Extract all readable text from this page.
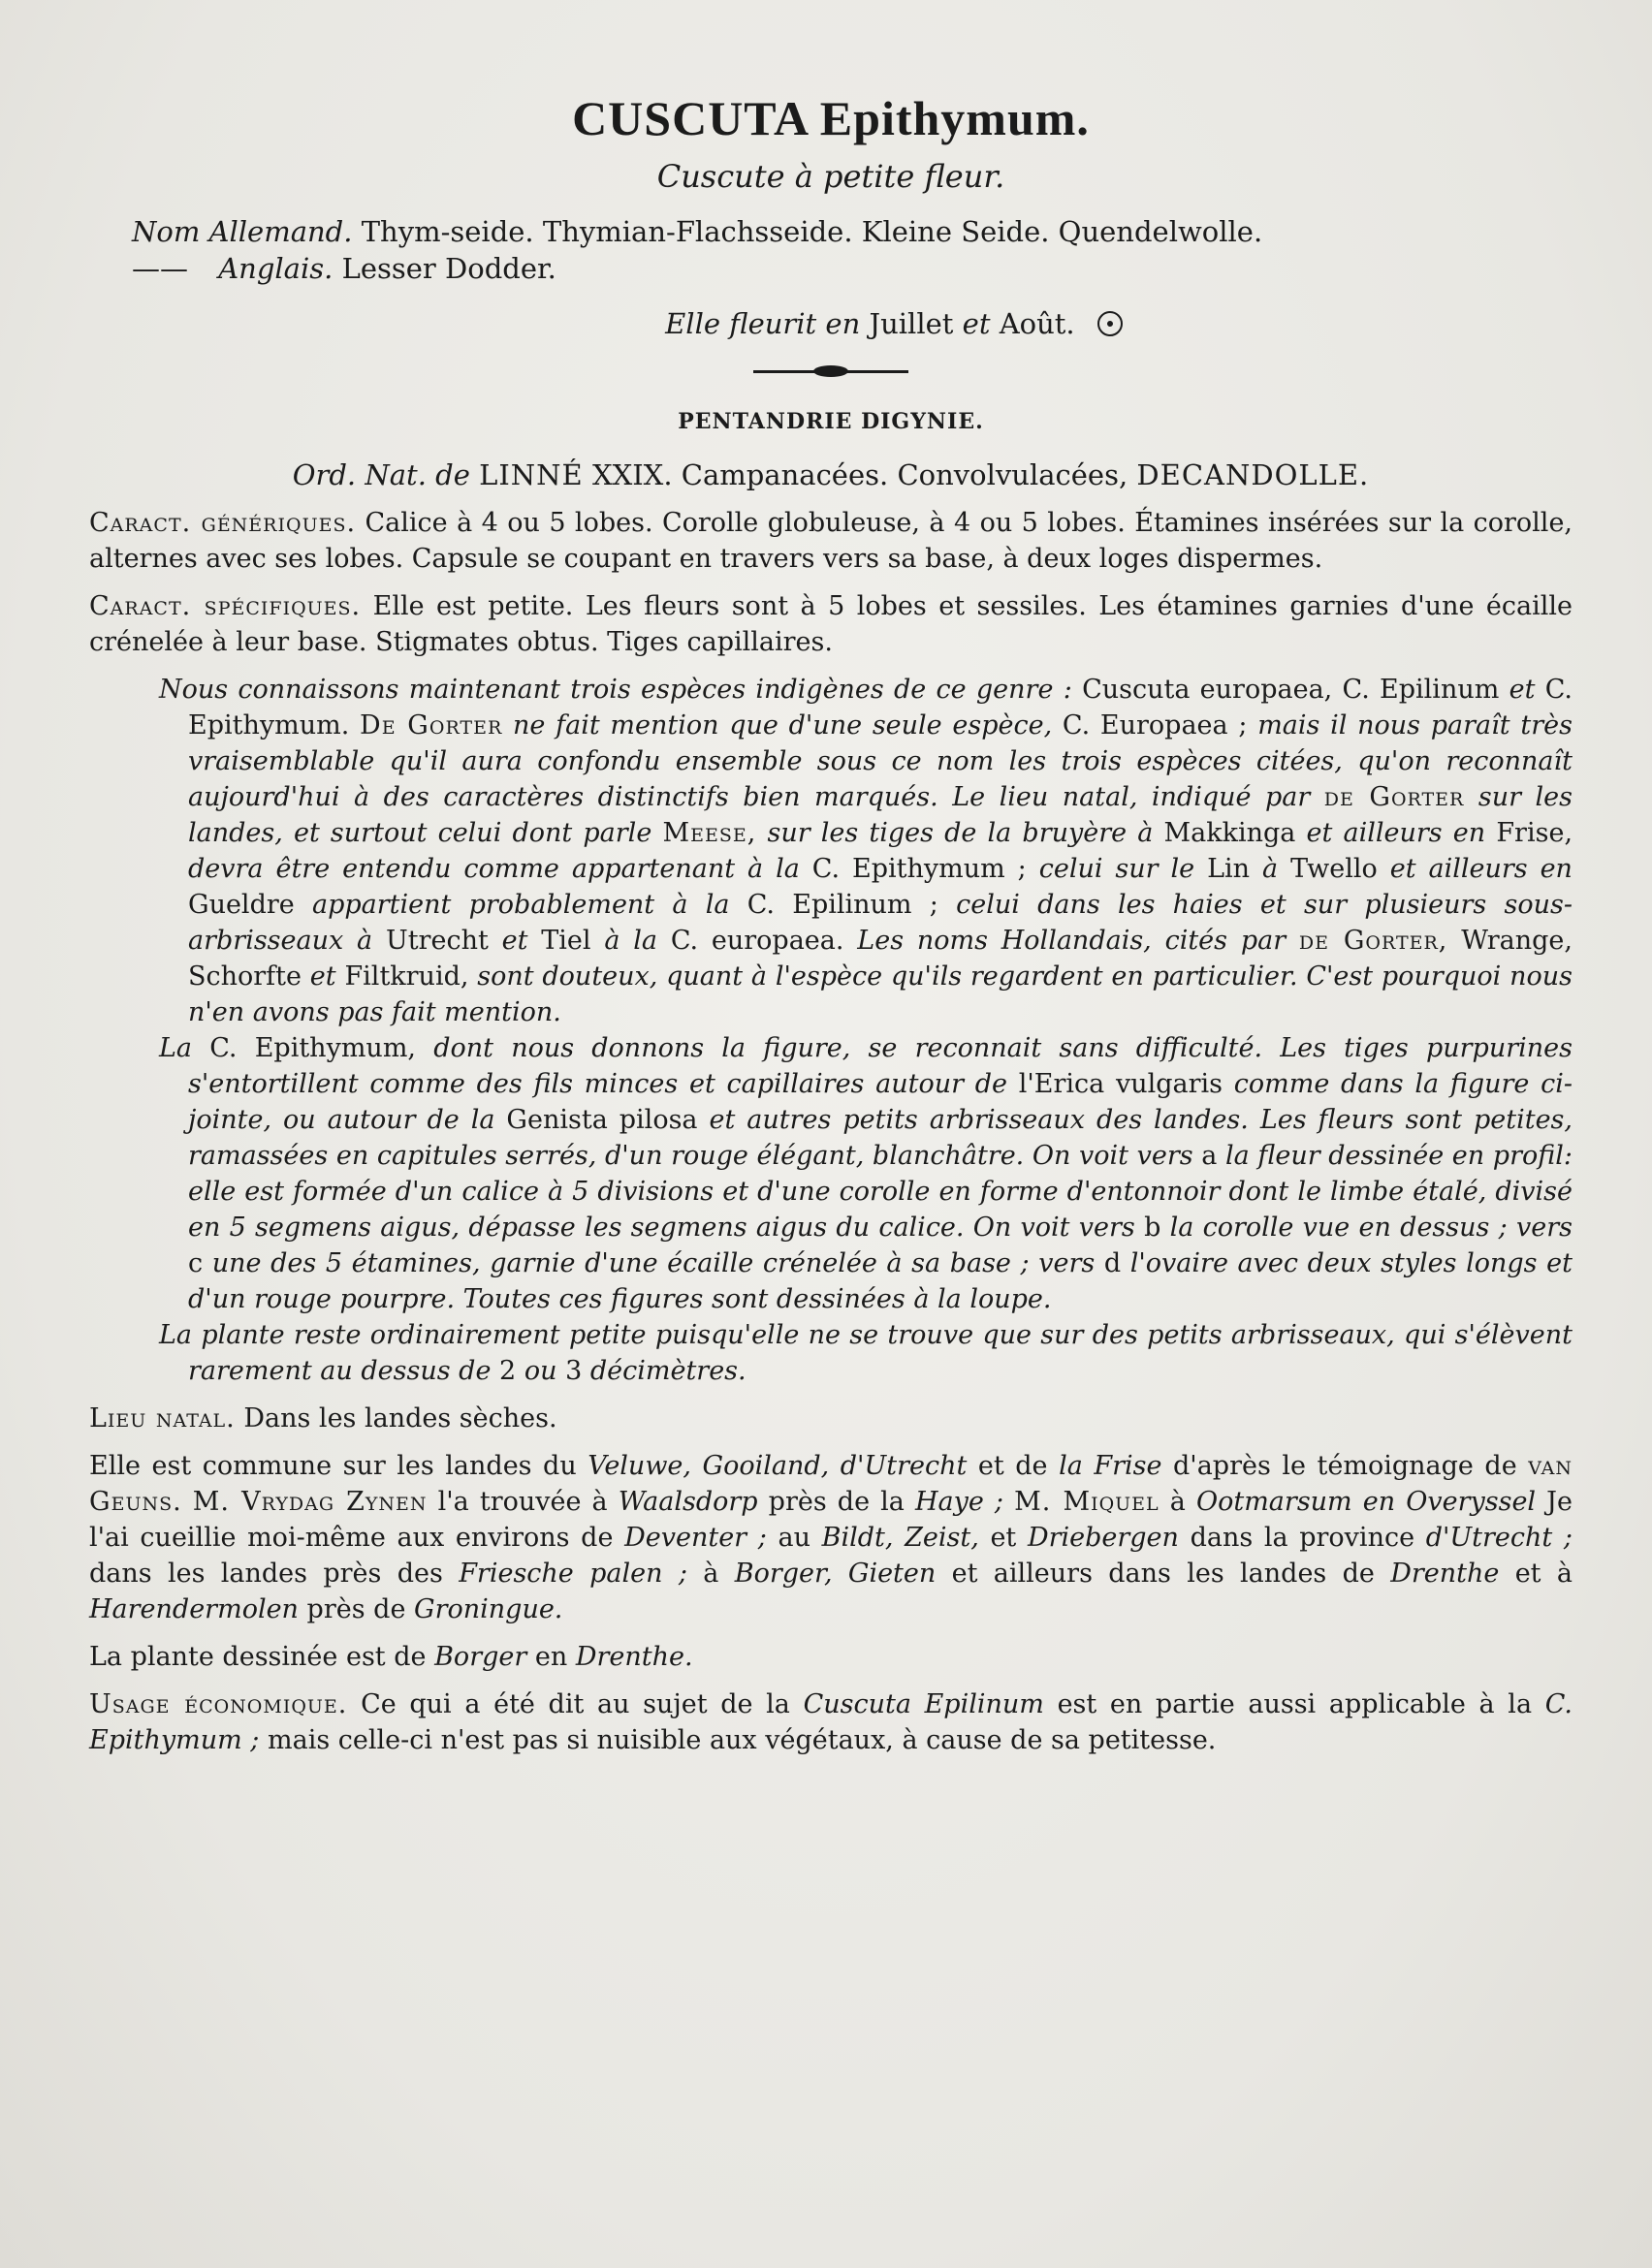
CUSCUTA Epithymum.
Cuscute à petite fleur.
Nom Allemand. Thym-seide. Thymian-Flachsseide. Kleine Seide. Quendelwolle.
—— Anglais. Lesser Dodder.
Elle fleurit en Juillet et Août.
PENTANDRIE DIGYNIE.
Ord. Nat. de LINNÉ XXIX. Campanacées. Convolvulacées, DECANDOLLE.

Caract. génériques. Calice à 4 ou 5 lobes. Corolle globuleuse, à 4 ou 5 lobes. Étamines insérées sur la corolle, alternes avec ses lobes. Capsule se coupant en travers vers sa base, à deux loges dispermes.

Caract. spécifiques. Elle est petite. Les fleurs sont à 5 lobes et sessiles. Les étamines garnies d'une écaille crénelée à leur base. Stigmates obtus. Tiges capillaires.

Nous connaissons maintenant trois espèces indigènes de ce genre : Cuscuta europaea, C. Epilinum et C. Epithymum. De Gorter ne fait mention que d'une seule espèce, C. Europaea ; mais il nous paraît très vraisemblable qu'il aura confondu ensemble sous ce nom les trois espèces citées, qu'on reconnaît aujourd'hui à des caractères distinctifs bien marqués. Le lieu natal, indiqué par de Gorter sur les landes, et surtout celui dont parle Meese, sur les tiges de la bruyère à Makkinga et ailleurs en Frise, devra être entendu comme appartenant à la C. Epithymum ; celui sur le Lin à Twello et ailleurs en Gueldre appartient probablement à la C. Epilinum ; celui dans les haies et sur plusieurs sous-arbrisseaux à Utrecht et Tiel à la C. europaea. Les noms Hollandais, cités par de Gorter, Wrange, Schorfte et Filtkruid, sont douteux, quant à l'espèce qu'ils regardent en particulier. C'est pourquoi nous n'en avons pas fait mention.

La C. Epithymum, dont nous donnons la figure, se reconnait sans difficulté. Les tiges purpurines s'entortillent comme des fils minces et capillaires autour de l'Erica vulgaris comme dans la figure ci-jointe, ou autour de la Genista pilosa et autres petits arbrisseaux des landes. Les fleurs sont petites, ramassées en capitules serrés, d'un rouge élégant, blanchâtre. On voit vers a la fleur dessinée en profil: elle est formée d'un calice à 5 divisions et d'une corolle en forme d'entonnoir dont le limbe étalé, divisé en 5 segmens aigus, dépasse les segmens aigus du calice. On voit vers b la corolle vue en dessus ; vers c une des 5 étamines, garnie d'une écaille crénelée à sa base ; vers d l'ovaire avec deux styles longs et d'un rouge pourpre. Toutes ces figures sont dessinées à la loupe.

La plante reste ordinairement petite puisqu'elle ne se trouve que sur des petits arbrisseaux, qui s'élèvent rarement au dessus de 2 ou 3 décimètres.

Lieu natal. Dans les landes sèches.

Elle est commune sur les landes du Veluwe, Gooiland, d'Utrecht et de la Frise d'après le témoignage de van Geuns. M. Vrydag Zynen l'a trouvée à Waalsdorp près de la Haye ; M. Miquel à Ootmarsum en Overyssel Je l'ai cueillie moi-même aux environs de Deventer ; au Bildt, Zeist, et Driebergen dans la province d'Utrecht ; dans les landes près des Friesche palen ; à Borger, Gieten et ailleurs dans les landes de Drenthe et à Harendermolen près de Groningue.

La plante dessinée est de Borger en Drenthe.

Usage économique. Ce qui a été dit au sujet de la Cuscuta Epilinum est en partie aussi applicable à la C. Epithymum ; mais celle-ci n'est pas si nuisible aux végétaux, à cause de sa petitesse.
